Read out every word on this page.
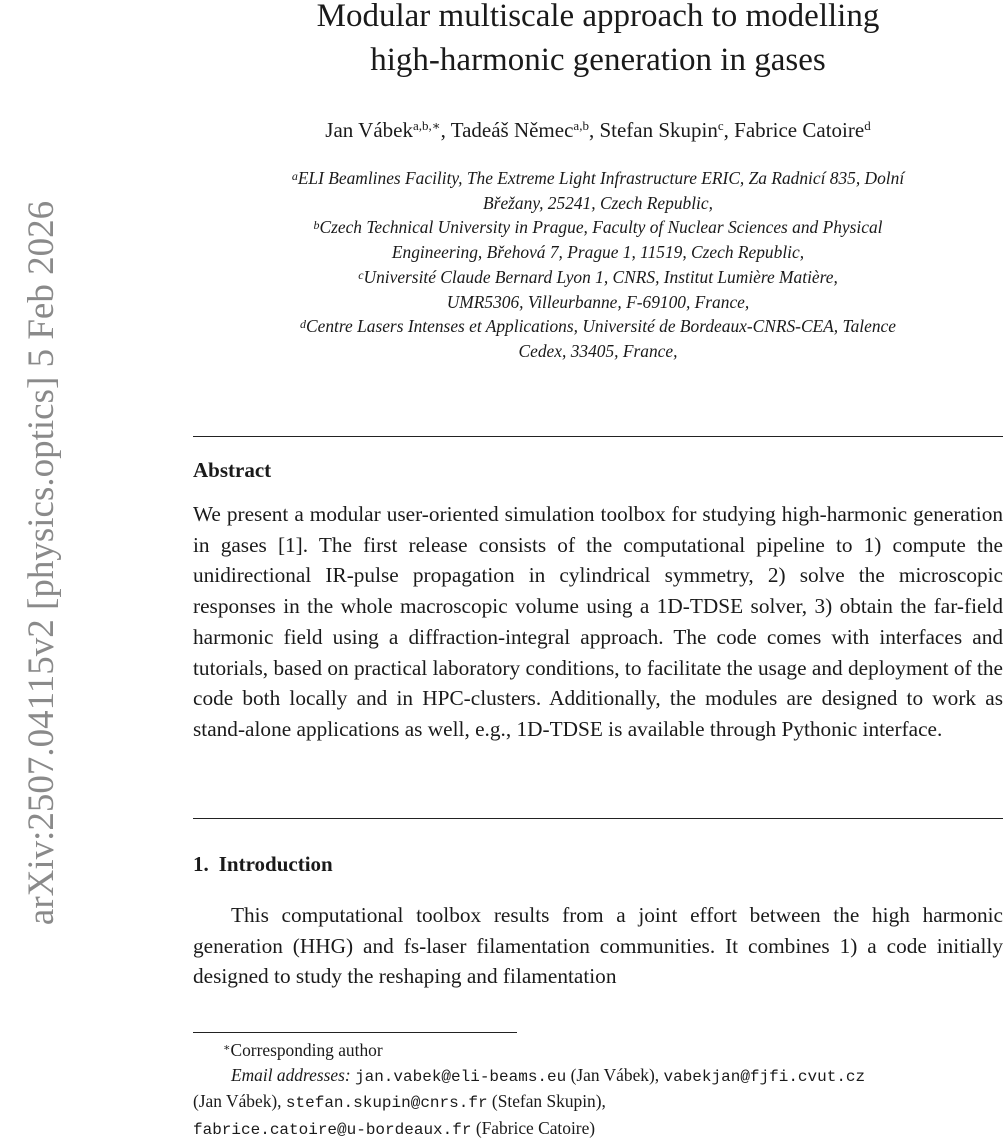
arXiv:2507.04115v2 [physics.optics] 5 Feb 2026
Modular multiscale approach to modelling
high-harmonic generation in gases
Jan Vábek$^{a,b,∗}$, Tadeáš Němec$^{a,b}$, Stefan Skupin$^c$, Fabrice Catoire$^d$
$^a$ELI Beamlines Facility, The Extreme Light Infrastructure ERIC, Za Radnicí 835, Dolní
Břežany, 25241, Czech Republic,
$^b$Czech Technical University in Prague, Faculty of Nuclear Sciences and Physical
Engineering, Břehová 7, Prague 1, 11519, Czech Republic,
$^c$Université Claude Bernard Lyon 1, CNRS, Institut Lumière Matière,
UMR5306, Villeurbanne, F-69100, France,
$^d$Centre Lasers Intenses et Applications, Université de Bordeaux-CNRS-CEA, Talence
Cedex, 33405, France,
Abstract
We present a modular user-oriented simulation toolbox for studying high-harmonic generation in gases [1]. The first release consists of the computational pipeline to 1) compute the unidirectional IR-pulse propagation in cylindrical symmetry, 2) solve the microscopic responses in the whole macroscopic volume using a 1D-TDSE solver, 3) obtain the far-field harmonic field using a diffraction-integral approach. The code comes with interfaces and tutorials, based on practical laboratory conditions, to facilitate the usage and deployment of the code both locally and in HPC-clusters. Additionally, the modules are designed to work as stand-alone applications as well, e.g., 1D-TDSE is available through Pythonic interface.
1. Introduction
This computational toolbox results from a joint effort between the high harmonic generation (HHG) and fs-laser filamentation communities. It combines 1) a code initially designed to study the reshaping and filamentation
∗Corresponding author
Email addresses: jan.vabek@eli-beams.eu (Jan Vábek), vabekjan@fjfi.cvut.cz
(Jan Vábek), stefan.skupin@cnrs.fr (Stefan Skupin),
fabrice.catoire@u-bordeaux.fr (Fabrice Catoire)
